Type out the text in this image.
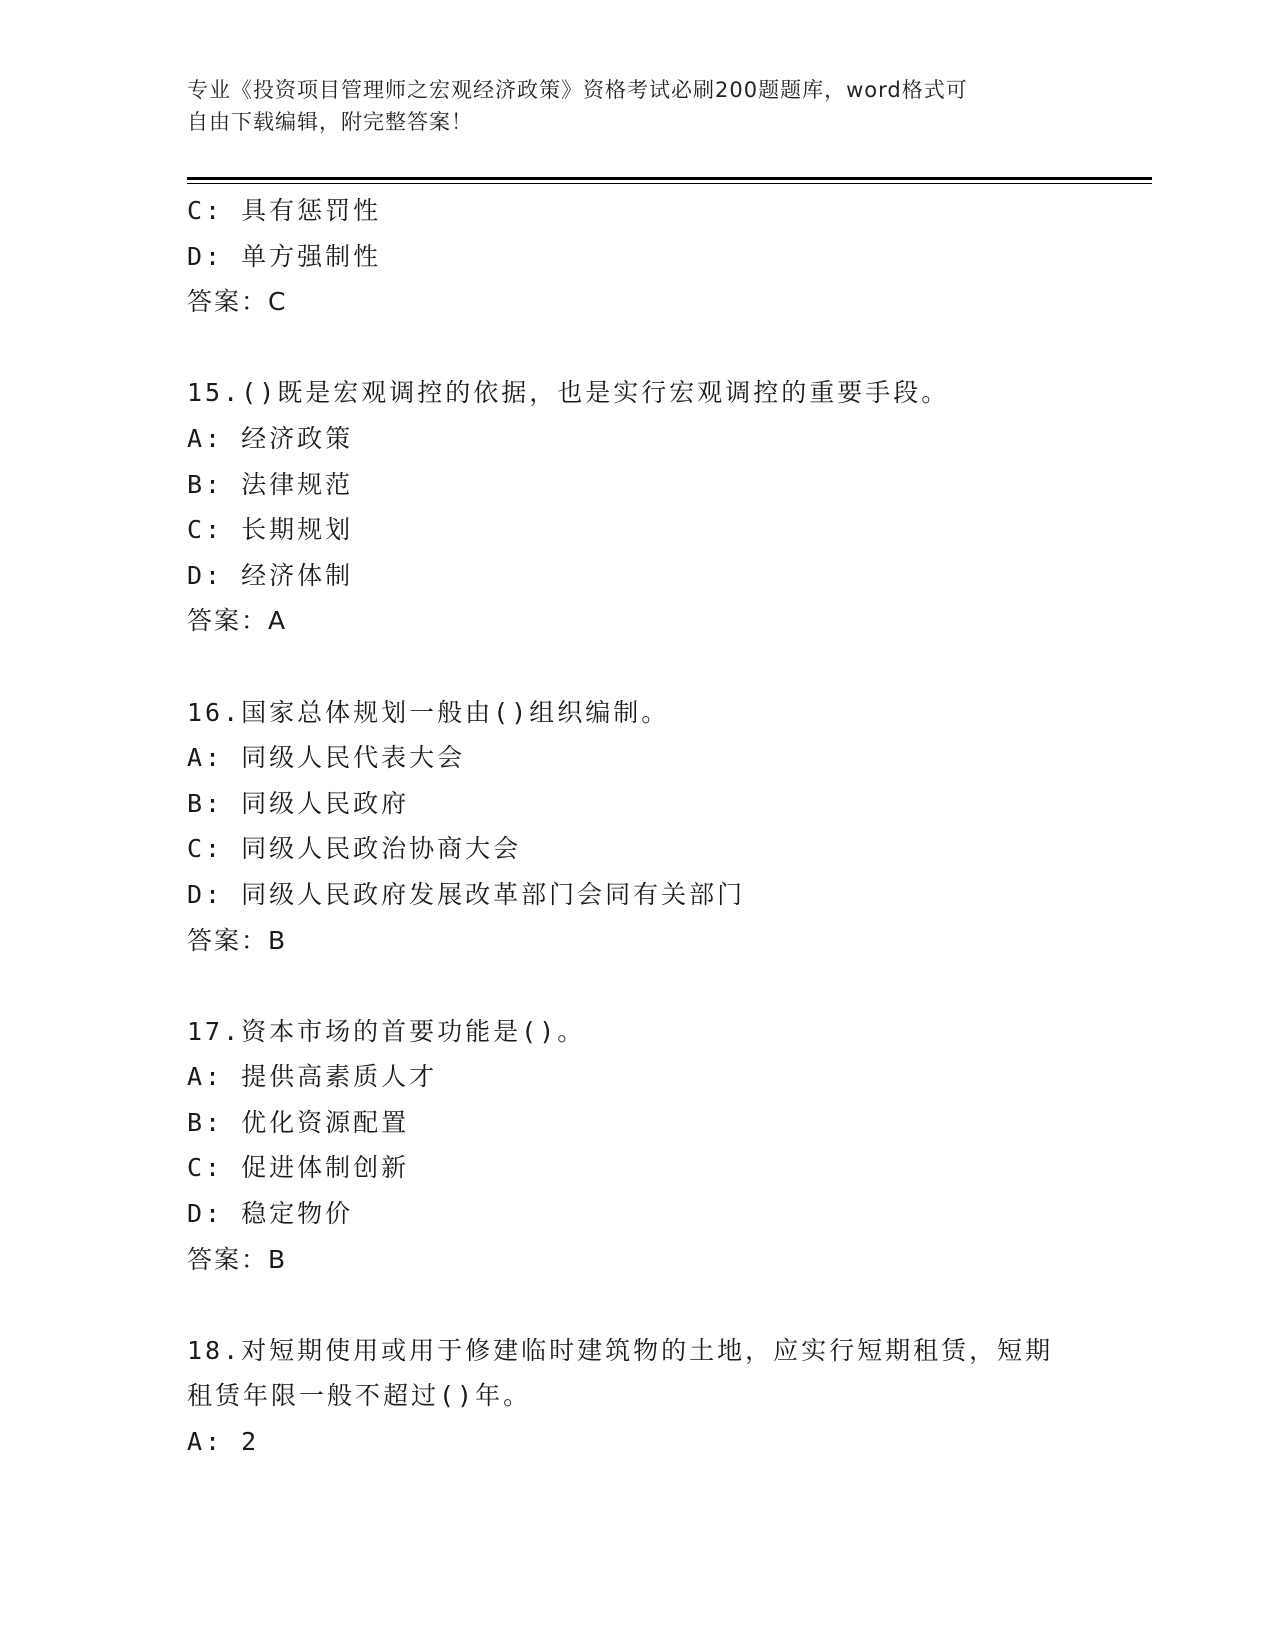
专业《投资项目管理师之宏观经济政策》资格考试必刷200题题库，word格式可
自由下载编辑，附完整答案！
C: 具有惩罚性
D: 单方强制性
答案：C
15.()既是宏观调控的依据，也是实行宏观调控的重要手段。
A: 经济政策
B: 法律规范
C: 长期规划
D: 经济体制
答案：A
16.国家总体规划一般由()组织编制。
A: 同级人民代表大会
B: 同级人民政府
C: 同级人民政治协商大会
D: 同级人民政府发展改革部门会同有关部门
答案：B
17.资本市场的首要功能是()。
A: 提供高素质人才
B: 优化资源配置
C: 促进体制创新
D: 稳定物价
答案：B
18.对短期使用或用于修建临时建筑物的土地，应实行短期租赁，短期
租赁年限一般不超过()年。
A: 2
